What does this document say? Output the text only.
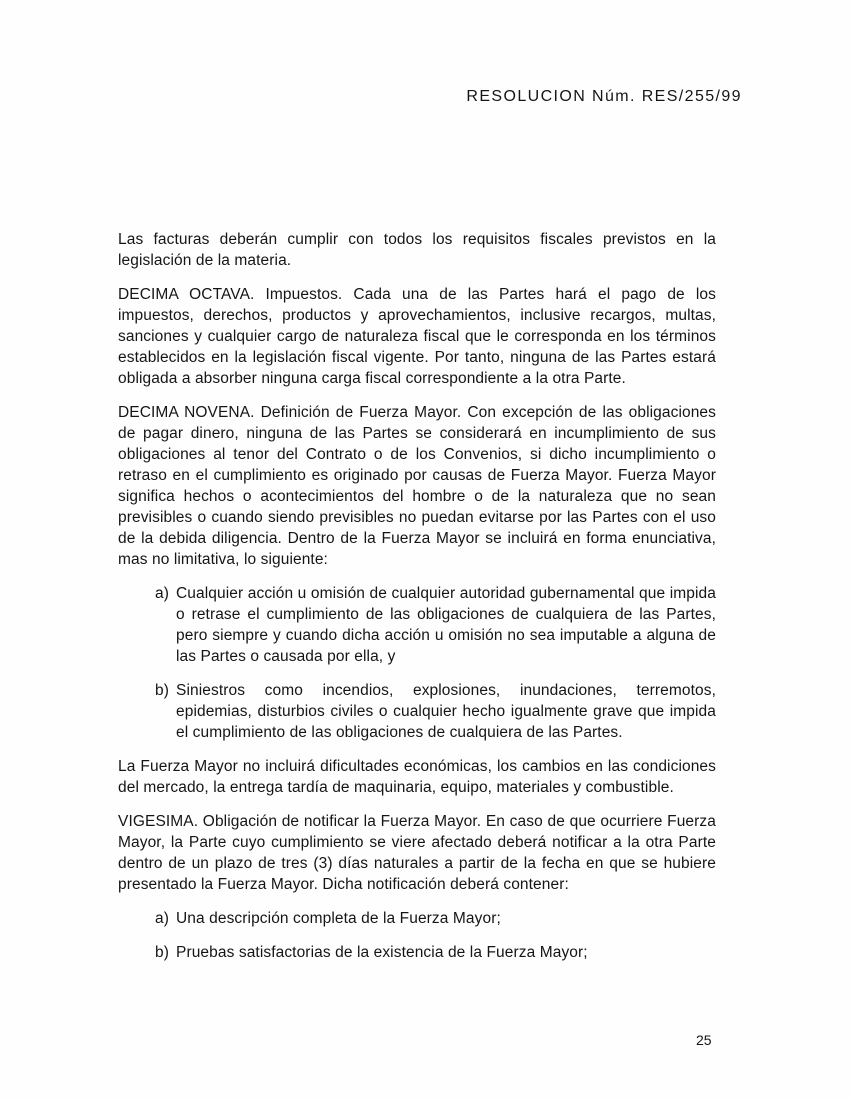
RESOLUCION Núm. RES/255/99

Las facturas deberán cumplir con todos los requisitos fiscales previstos en la legislación de la materia.

DECIMA OCTAVA. Impuestos. Cada una de las Partes hará el pago de los impuestos, derechos, productos y aprovechamientos, inclusive recargos, multas, sanciones y cualquier cargo de naturaleza fiscal que le corresponda en los términos establecidos en la legislación fiscal vigente. Por tanto, ninguna de las Partes estará obligada a absorber ninguna carga fiscal correspondiente a la otra Parte.

DECIMA NOVENA. Definición de Fuerza Mayor. Con excepción de las obligaciones de pagar dinero, ninguna de las Partes se considerará en incumplimiento de sus obligaciones al tenor del Contrato o de los Convenios, si dicho incumplimiento o retraso en el cumplimiento es originado por causas de Fuerza Mayor. Fuerza Mayor significa hechos o acontecimientos del hombre o de la naturaleza que no sean previsibles o cuando siendo previsibles no puedan evitarse por las Partes con el uso de la debida diligencia. Dentro de la Fuerza Mayor se incluirá en forma enunciativa, mas no limitativa, lo siguiente:

a) Cualquier acción u omisión de cualquier autoridad gubernamental que impida o retrase el cumplimiento de las obligaciones de cualquiera de las Partes, pero siempre y cuando dicha acción u omisión no sea imputable a alguna de las Partes o causada por ella, y
b) Siniestros como incendios, explosiones, inundaciones, terremotos, epidemias, disturbios civiles o cualquier hecho igualmente grave que impida el cumplimiento de las obligaciones de cualquiera de las Partes.

La Fuerza Mayor no incluirá dificultades económicas, los cambios en las condiciones del mercado, la entrega tardía de maquinaria, equipo, materiales y combustible.

VIGESIMA. Obligación de notificar la Fuerza Mayor. En caso de que ocurriere Fuerza Mayor, la Parte cuyo cumplimiento se viere afectado deberá notificar a la otra Parte dentro de un plazo de tres (3) días naturales a partir de la fecha en que se hubiere presentado la Fuerza Mayor. Dicha notificación deberá contener:

a) Una descripción completa de la Fuerza Mayor;
b) Pruebas satisfactorias de la existencia de la Fuerza Mayor;
25
